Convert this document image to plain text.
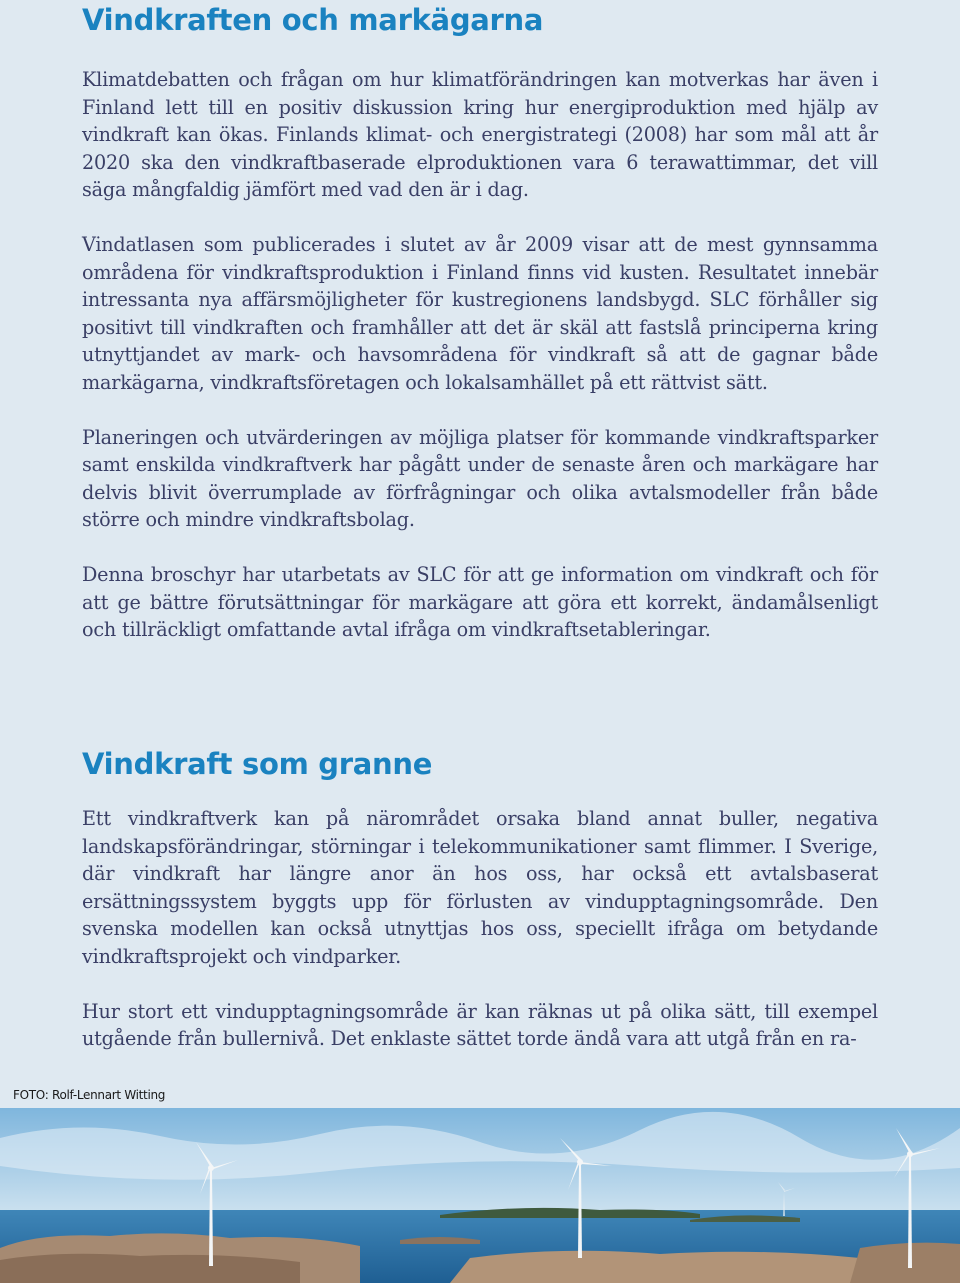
Vindkraften och markägarna

Klimatdebatten och frågan om hur klimatförändringen kan motverkas har även i Finland lett till en positiv diskussion kring hur energiproduktion med hjälp av vindkraft kan ökas. Finlands klimat- och energistrategi (2008) har som mål att år 2020 ska den vindkraftbaserade elproduktionen vara 6 terawattimmar, det vill säga mångfaldig jämfört med vad den är i dag.

Vindatlasen som publicerades i slutet av år 2009 visar att de mest gynnsamma områdena för vindkraftsproduktion i Finland finns vid kusten. Resultatet innebär intressanta nya affärsmöjligheter för kustregionens landsbygd. SLC förhåller sig positivt till vindkraften och framhåller att det är skäl att fastslå principerna kring utnyttjandet av mark- och havsområdena för vindkraft så att de gagnar både markägarna, vindkraftsföretagen och lokalsamhället på ett rättvist sätt.

Planeringen och utvärderingen av möjliga platser för kommande vindkraftsparker samt enskilda vindkraftverk har pågått under de senaste åren och markägare har delvis blivit överrumplade av förfrågningar och olika avtalsmodeller från både större och mindre vindkraftsbolag.

Denna broschyr har utarbetats av SLC för att ge information om vindkraft och för att ge bättre förutsättningar för markägare att göra ett korrekt, ändamålsenligt och tillräckligt omfattande avtal ifråga om vindkraftsetableringar.

Vindkraft som granne

Ett vindkraftverk kan på närområdet orsaka bland annat buller, negativa landskapsförändringar, störningar i telekommunikationer samt flimmer. I Sverige, där vindkraft har längre anor än hos oss, har också ett avtalsbaserat ersättningssystem byggts upp för förlusten av vindupptagningsområde. Den svenska modellen kan också utnyttjas hos oss, speciellt ifråga om betydande vindkraftsprojekt och vindparker.

Hur stort ett vindupptagningsområde är kan räknas ut på olika sätt, till exempel utgående från bullernivå. Det enklaste sättet torde ändå vara att utgå från en ra-

FOTO: Rolf-Lennart Witting
